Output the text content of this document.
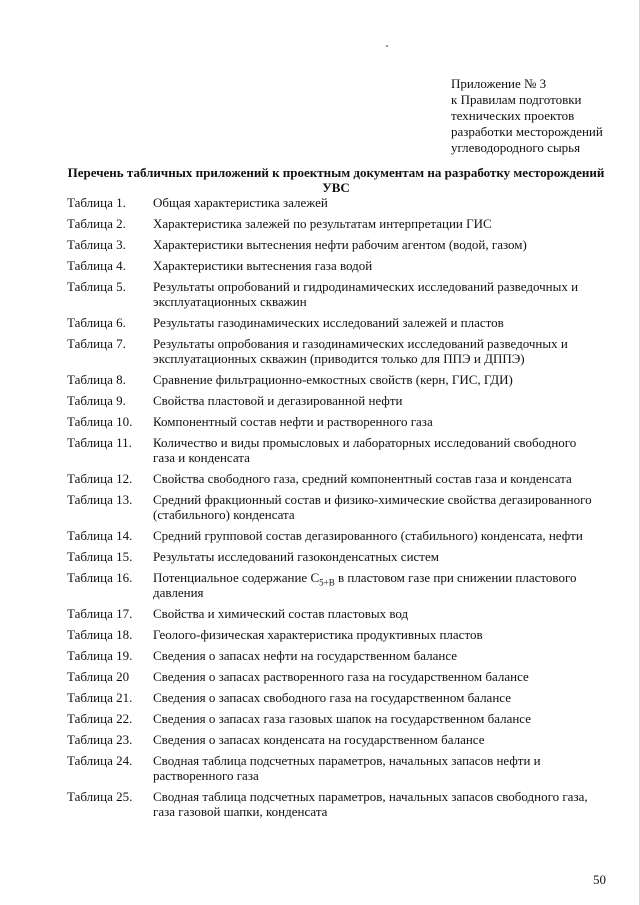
Приложение № 3
к Правилам подготовки
технических проектов
разработки месторождений
углеводородного сырья
Перечень табличных приложений к проектным документам на разработку месторождений
УВС
Таблица 1.	Общая характеристика залежей
Таблица 2.	Характеристика залежей по результатам интерпретации ГИС
Таблица 3.	Характеристики вытеснения нефти рабочим агентом (водой, газом)
Таблица 4.	Характеристики вытеснения газа водой
Таблица 5.	Результаты опробований и гидродинамических исследований разведочных и эксплуатационных скважин
Таблица 6.	Результаты газодинамических исследований залежей и пластов
Таблица 7.	Результаты опробования и газодинамических исследований разведочных и эксплуатационных скважин (приводится только для ППЭ и ДППЭ)
Таблица 8.	Сравнение фильтрационно-емкостных свойств (керн, ГИС, ГДИ)
Таблица 9.	Свойства пластовой и дегазированной нефти
Таблица 10.	Компонентный состав нефти и растворенного газа
Таблица 11.	Количество и виды промысловых и лабораторных исследований свободного газа и конденсата
Таблица 12.	Свойства свободного газа, средний компонентный состав газа и конденсата
Таблица 13.	Средний фракционный состав и физико-химические свойства дегазированного (стабильного) конденсата
Таблица 14.	Средний групповой состав дегазированного (стабильного) конденсата, нефти
Таблица 15.	Результаты исследований газоконденсатных систем
Таблица 16.	Потенциальное содержание $С_{5+В}$ в пластовом газе при снижении пластового давления
Таблица 17.	Свойства и химический состав пластовых вод
Таблица 18.	Геолого-физическая характеристика продуктивных пластов
Таблица 19.	Сведения о запасах нефти на государственном балансе
Таблица 20	Сведения о запасах растворенного газа на государственном балансе
Таблица 21.	Сведения о запасах свободного газа на государственном балансе
Таблица 22.	Сведения о запасах газа газовых шапок на государственном балансе
Таблица 23.	Сведения о запасах конденсата на государственном балансе
Таблица 24.	Сводная таблица подсчетных параметров, начальных запасов нефти и растворенного газа
Таблица 25.	Сводная таблица подсчетных параметров, начальных запасов свободного газа, газа газовой шапки, конденсата
50
